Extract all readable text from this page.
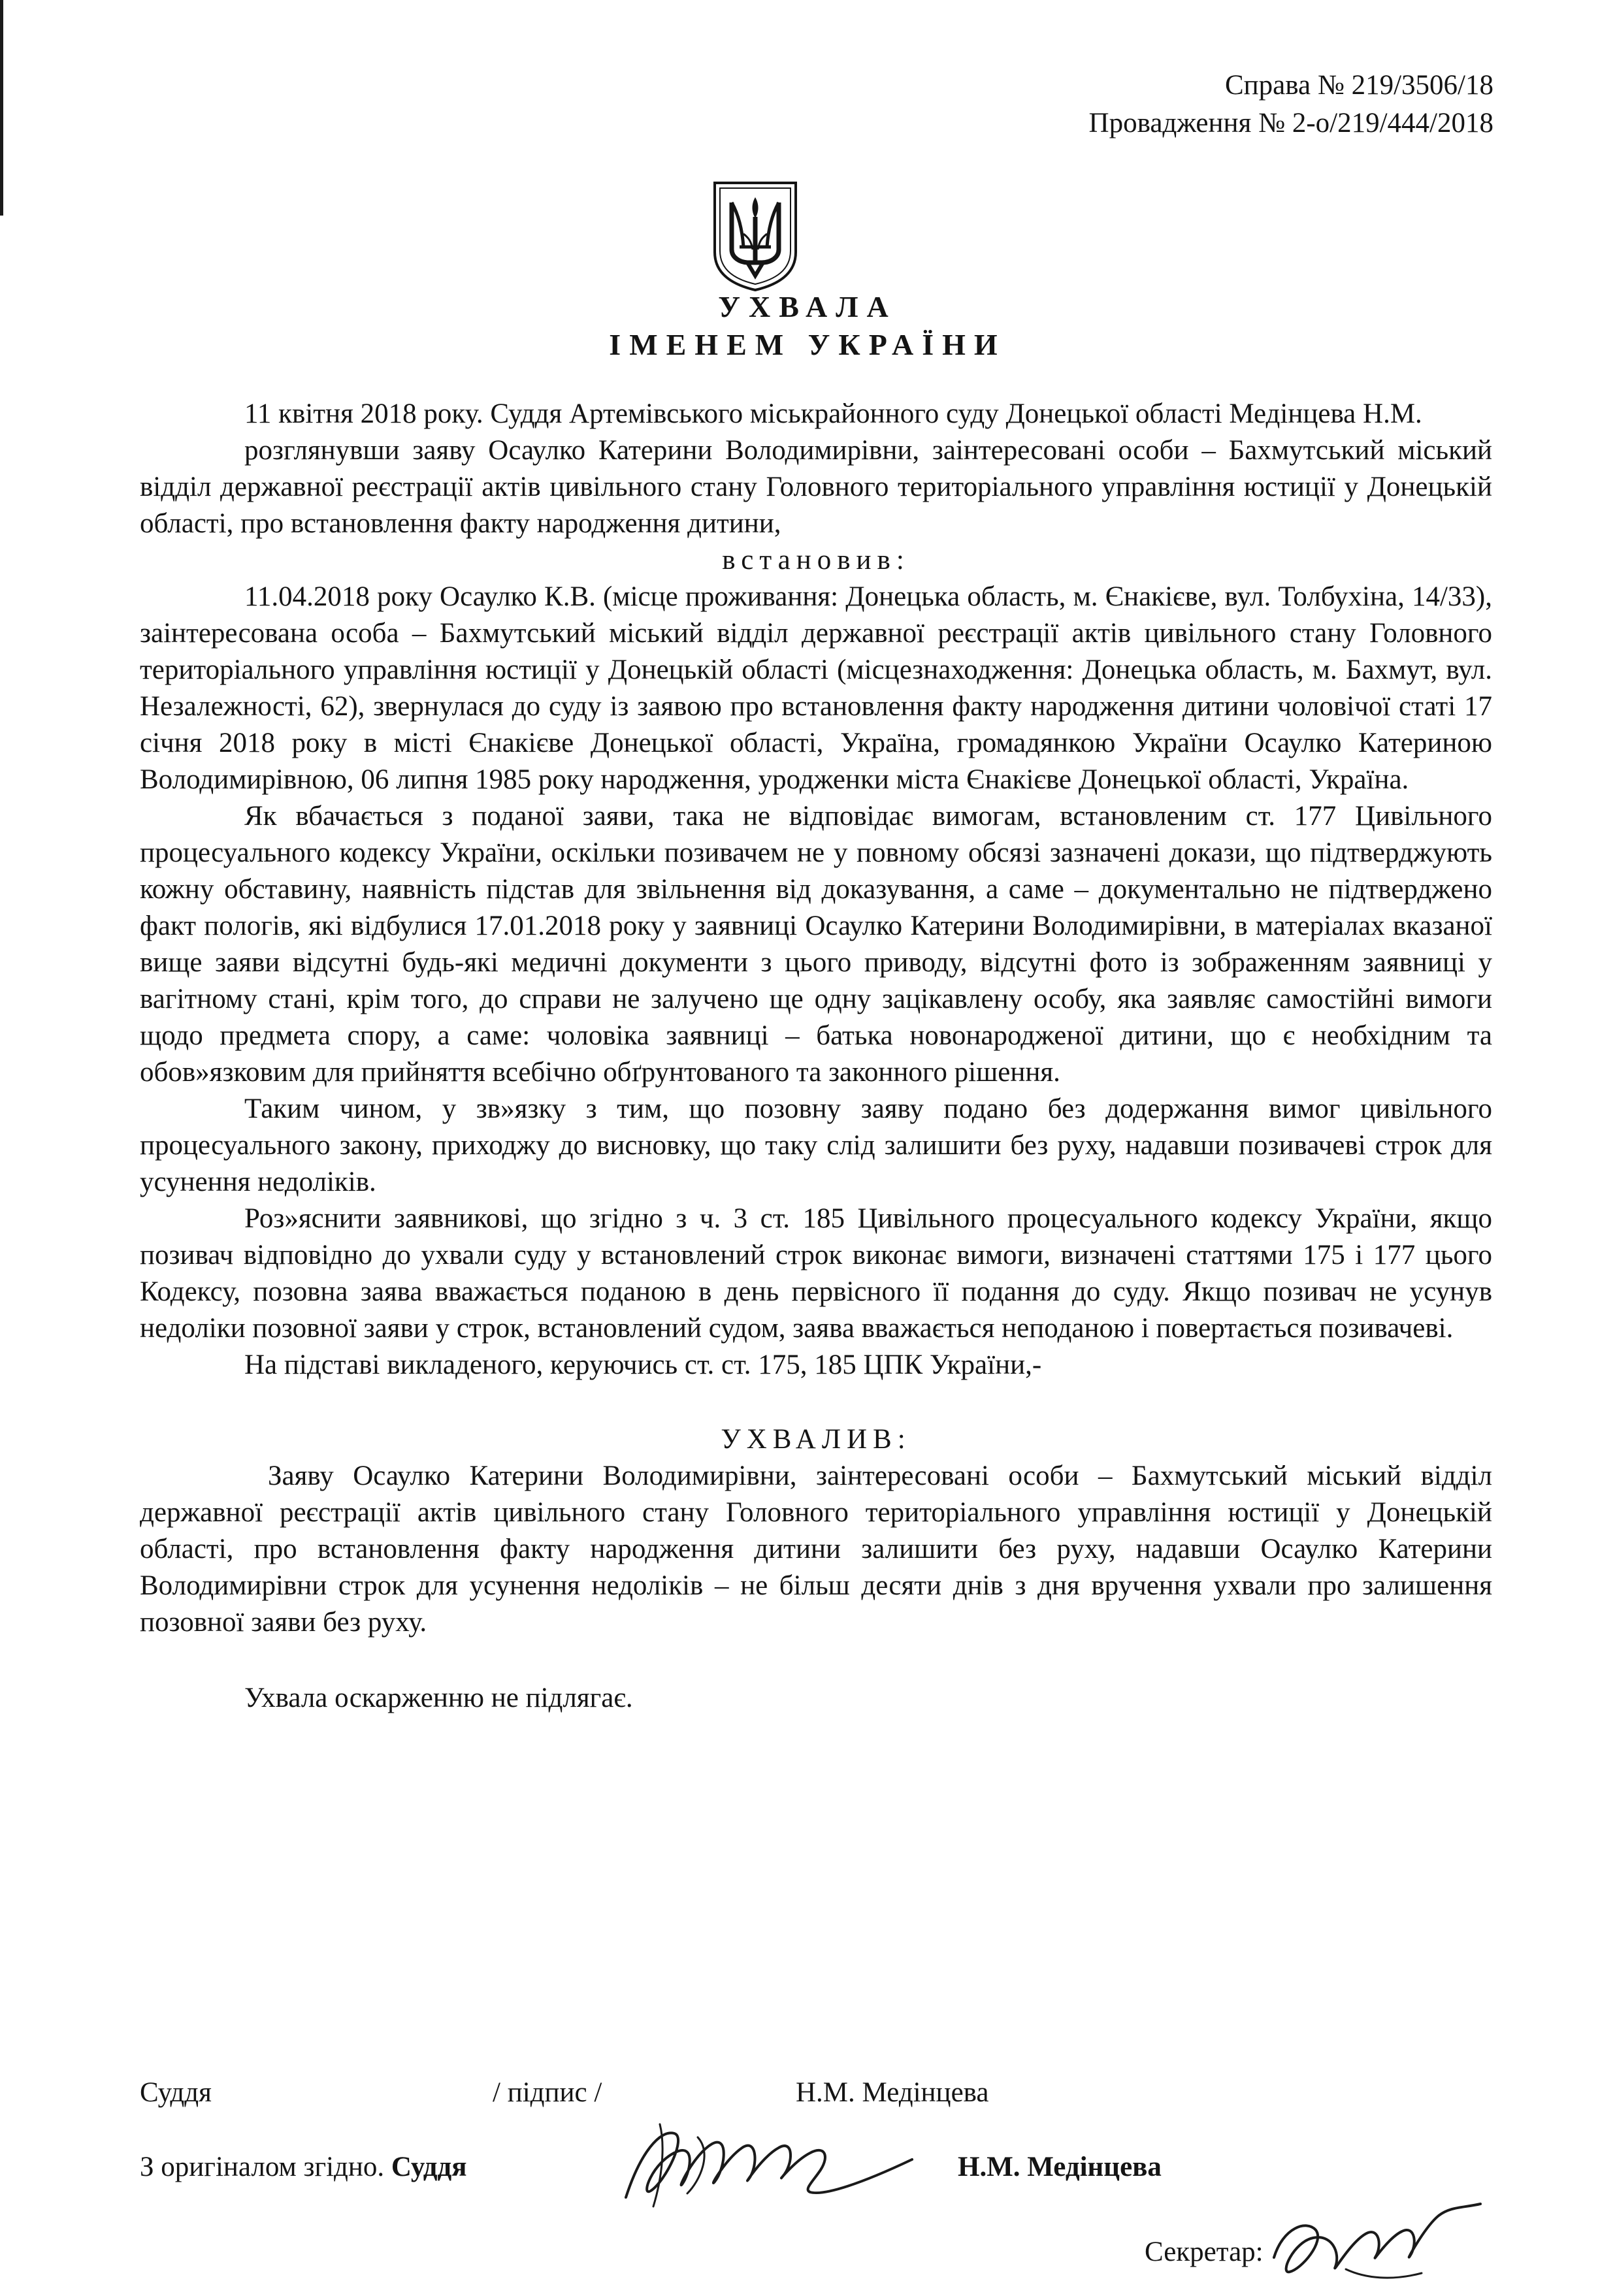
Справа № 219/3506/18
Провадження № 2-о/219/444/2018
УХВАЛА
ІМЕНЕМ УКРАЇНИ

11 квітня 2018 року. Суддя Артемівського міськрайонного суду Донецької області Медінцева Н.М.

розглянувши заяву Осаулко Катерини Володимирівни, заінтересовані особи – Бахмутський міський відділ державної реєстрації актів цивільного стану Головного територіального управління юстиції у Донецькій області, про встановлення факту народження дитини,

встановив:

11.04.2018 року Осаулко К.В. (місце проживання: Донецька область, м. Єнакієве, вул. Толбухіна, 14/33), заінтересована особа – Бахмутський міський відділ державної реєстрації актів цивільного стану Головного територіального управління юстиції у Донецькій області (місцезнаходження: Донецька область, м. Бахмут, вул. Незалежності, 62), звернулася до суду із заявою про встановлення факту народження дитини чоловічої статі 17 січня 2018 року в місті Єнакієве Донецької області, Україна, громадянкою України Осаулко Катериною Володимирівною, 06 липня 1985 року народження, уродженки міста Єнакієве Донецької області, Україна.

Як вбачається з поданої заяви, така не відповідає вимогам, встановленим ст. 177 Цивільного процесуального кодексу України, оскільки позивачем не у повному обсязі зазначені докази, що підтверджують кожну обставину, наявність підстав для звільнення від доказування, а саме – документально не підтверджено факт пологів, які відбулися 17.01.2018 року у заявниці Осаулко Катерини Володимирівни, в матеріалах вказаної вище заяви відсутні будь-які медичні документи з цього приводу, відсутні фото із зображенням заявниці у вагітному стані, крім того, до справи не залучено ще одну зацікавлену особу, яка заявляє самостійні вимоги щодо предмета спору, а саме: чоловіка заявниці – батька новонародженої дитини, що є необхідним та обов»язковим для прийняття всебічно обґрунтованого та законного рішення.

Таким чином, у зв»язку з тим, що позовну заяву подано без додержання вимог цивільного процесуального закону, приходжу до висновку, що таку слід залишити без руху, надавши позивачеві строк для усунення недоліків.

Роз»яснити заявникові, що згідно з ч. 3 ст. 185 Цивільного процесуального кодексу України, якщо позивач відповідно до ухвали суду у встановлений строк виконає вимоги, визначені статтями 175 і 177 цього Кодексу, позовна заява вважається поданою в день первісного її подання до суду. Якщо позивач не усунув недоліки позовної заяви у строк, встановлений судом, заява вважається неподаною і повертається позивачеві.

На підставі викладеного, керуючись ст. ст. 175, 185 ЦПК України,-

УХВАЛИВ:

Заяву Осаулко Катерини Володимирівни, заінтересовані особи – Бахмутський міський відділ державної реєстрації актів цивільного стану Головного територіального управління юстиції у Донецькій області, про встановлення факту народження дитини залишити без руху, надавши Осаулко Катерини Володимирівни строк для усунення недоліків – не більш десяти днів з дня вручення ухвали про залишення позовної заяви без руху.

Ухвала оскарженню не підлягає.

Суддя	/ підпис /	Н.М. Медінцева
З оригіналом згідно. Суддя	Н.М. Медінцева
Секретар:
